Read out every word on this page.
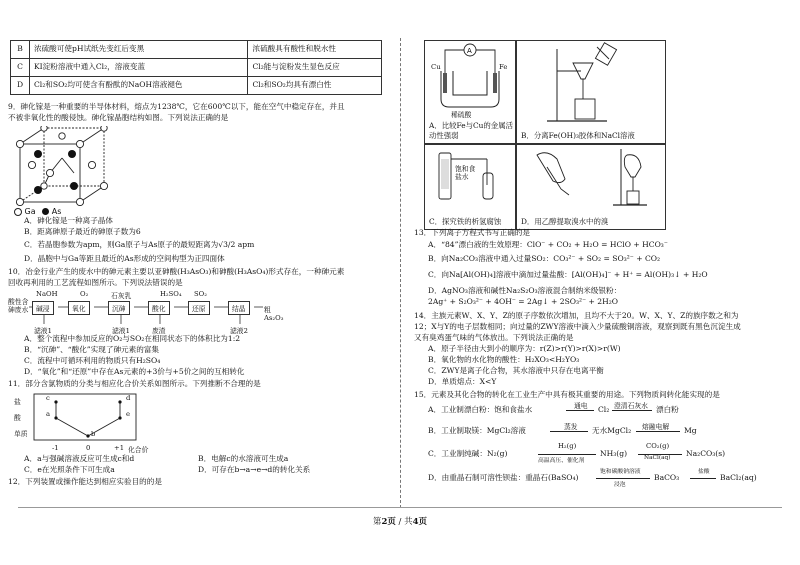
B	浓硫酸可使pH试纸先变红后变黑	浓硫酸具有酸性和脱水性
C	KI淀粉溶液中通入Cl₂，溶液变蓝	Cl₂能与淀粉发生显色反应
D	Cl₂和SO₂均可使含有酚酞的NaOH溶液褪色	Cl₂和SO₂均具有漂白性
9．砷化镓是一种重要的半导体材料，熔点为1238℃，它在600℃以下，能在空气中稳定存在，并且
不被非氧化性的酸侵蚀。砷化镓晶胞结构如图。下列说法正确的是
Ga As
A．砷化镓是一种离子晶体
B．距离砷原子最近的砷原子数为6
C．若晶胞参数为apm，则Ga原子与As原子的最短距离为√3/2 apm
D．晶胞中与Ga等距且最近的As形成的空间构型为正四面体
10．冶金行业产生的废水中的砷元素主要以亚砷酸(H₃AsO₃)和砷酸(H₃AsO₄)形式存在，一种砷元素
回收再利用的工艺流程如图所示。下列说法错误的是
酸性含砷废水
NaOH	O₂	石灰乳	H₂SO₄ SO₂
碱浸	氧化	沉砷	酸化	还原	结晶	粗As₂O₃
滤液1	滤液1	废渣	滤液2
A．整个流程中参加反应的O₂与SO₂在相同状态下的体积比为1:2
B．“沉砷”、“酸化”实现了砷元素的富集
C．流程中可循环利用的物质只有H₂SO₄
D．“氧化”和“还原”中存在As元素的+3价与+5价之间的互相转化
11．部分含氯物质的分类与相应化合价关系如图所示。下列推断不合理的是
盐
酸
单质
c
a
b
e
d
-1	0	+1 化合价
A．a与强碱溶液反应可生成c和d	B．电解c的水溶液可生成a
C．e在光照条件下可生成a	D．可存在b→a→e→d的转化关系
12．下列装置或操作能达到相应实验目的的是
A
Cu	Fe
稀硫酸
A．比较Fe与Cu的金属活动性强弱	B．分离Fe(OH)₃胶体和NaCl溶液
饱和食盐水
C．探究铁的析氢腐蚀	D．用乙醇提取溴水中的溴
13．下列离子方程式书写正确的是
A．“84”漂白液的生效原理：ClO⁻ + CO₂ + H₂O = HClO + HCO₃⁻
B．向Na₂CO₃溶液中通入过量SO₂：CO₃²⁻ + SO₂ = SO₃²⁻ + CO₂
C．向Na[Al(OH)₄]溶液中滴加过量盐酸：[Al(OH)₄]⁻ + H⁺ = Al(OH)₃↓ + H₂O
D．AgNO₃溶液和碱性Na₂S₂O₃溶液混合制纳米级银粉：
2Ag⁺ + S₂O₃²⁻ + 4OH⁻ = 2Ag↓ + 2SO₃²⁻ + 2H₂O
14．主族元素W、X、Y、Z的原子序数依次增加，且均不大于20。W、X、Y、Z的族序数之和为
12；X与Y的电子层数相同；向过量的ZWY溶液中滴入少量硫酸铜溶液，观察到既有黑色沉淀生成
又有臭鸡蛋气味的气体放出。下列说法正确的是
A．原子半径由大到小的顺序为：r(Z)>r(Y)>r(X)>r(W)
B．氧化物的水化物的酸性：H₂XO₃<H₂YO₃
C．ZWY是离子化合物，其水溶液中只存在电离平衡
D．单质熔点：X<Y
15．元素及其化合物的转化在工业生产中具有极其重要的用途。下列物质间转化能实现的是
A．工业制漂白粉：饱和食盐水	通电 Cl₂ 澄清石灰水 漂白粉
B．工业制取镁：MgCl₂溶液	蒸发 无水MgCl₂ 熔融电解 Mg
C．工业制纯碱：N₂(g)
H₂(g)
高温高压、催化剂
NH₃(g)
CO₂(g)
NaCl(aq) Na₂CO₃(s)
D．由重晶石制可溶性钡盐：重晶石(BaSO₄)
饱和碳酸钠溶液
浸泡
BaCO₃
盐酸
BaCl₂(aq)
第2页 / 共4页
